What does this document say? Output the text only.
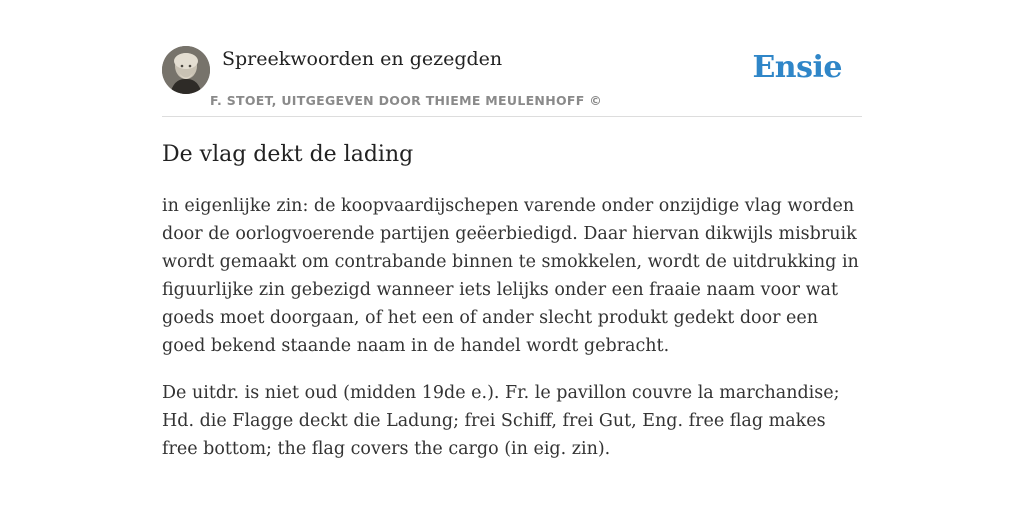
Spreekwoorden en gezegden
F. STOET, UITGEGEVEN DOOR THIEME MEULENHOFF ©
Ensie
De vlag dekt de lading

in eigenlijke zin: de koopvaardijschepen varende onder onzijdige vlag worden door de oorlogvoerende partijen geëerbiedigd. Daar hiervan dikwijls misbruik wordt gemaakt om contrabande binnen te smokkelen, wordt de uitdrukking in figuurlijke zin gebezigd wanneer iets lelijks onder een fraaie naam voor wat goeds moet doorgaan, of het een of ander slecht produkt gedekt door een goed bekend staande naam in de handel wordt gebracht.

De uitdr. is niet oud (midden 19de e.). Fr. le pavillon couvre la marchandise; Hd. die Flagge deckt die Ladung; frei Schiff, frei Gut, Eng. free flag makes free bottom; the flag covers the cargo (in eig. zin).
